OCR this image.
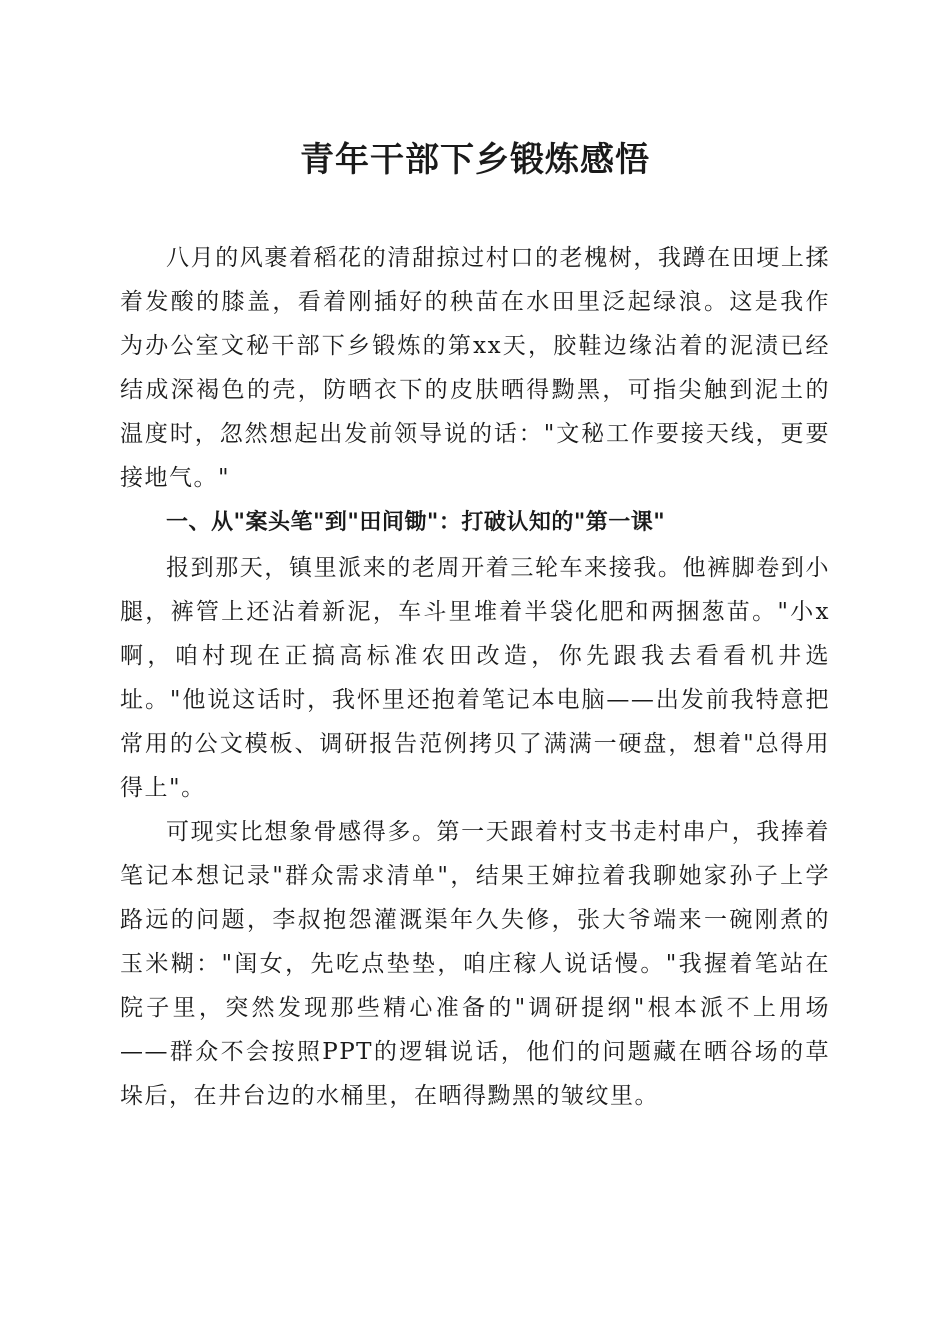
青年干部下乡锻炼感悟

八月的风裹着稻花的清甜掠过村口的老槐树，我蹲在田埂上揉着发酸的膝盖，看着刚插好的秧苗在水田里泛起绿浪。这是我作为办公室文秘干部下乡锻炼的第xx天，胶鞋边缘沾着的泥渍已经结成深褐色的壳，防晒衣下的皮肤晒得黝黑，可指尖触到泥土的温度时，忽然想起出发前领导说的话："文秘工作要接天线，更要接地气。"

一、从"案头笔"到"田间锄"：打破认知的"第一课"

报到那天，镇里派来的老周开着三轮车来接我。他裤脚卷到小腿，裤管上还沾着新泥，车斗里堆着半袋化肥和两捆葱苗。"小x啊，咱村现在正搞高标准农田改造，你先跟我去看看机井选址。"他说这话时，我怀里还抱着笔记本电脑——出发前我特意把常用的公文模板、调研报告范例拷贝了满满一硬盘，想着"总得用得上"。

可现实比想象骨感得多。第一天跟着村支书走村串户，我捧着笔记本想记录"群众需求清单"，结果王婶拉着我聊她家孙子上学路远的问题，李叔抱怨灌溉渠年久失修，张大爷端来一碗刚煮的玉米糊："闺女，先吃点垫垫，咱庄稼人说话慢。"我握着笔站在院子里，突然发现那些精心准备的"调研提纲"根本派不上用场——群众不会按照PPT的逻辑说话，他们的问题藏在晒谷场的草垛后，在井台边的水桶里，在晒得黝黑的皱纹里。
